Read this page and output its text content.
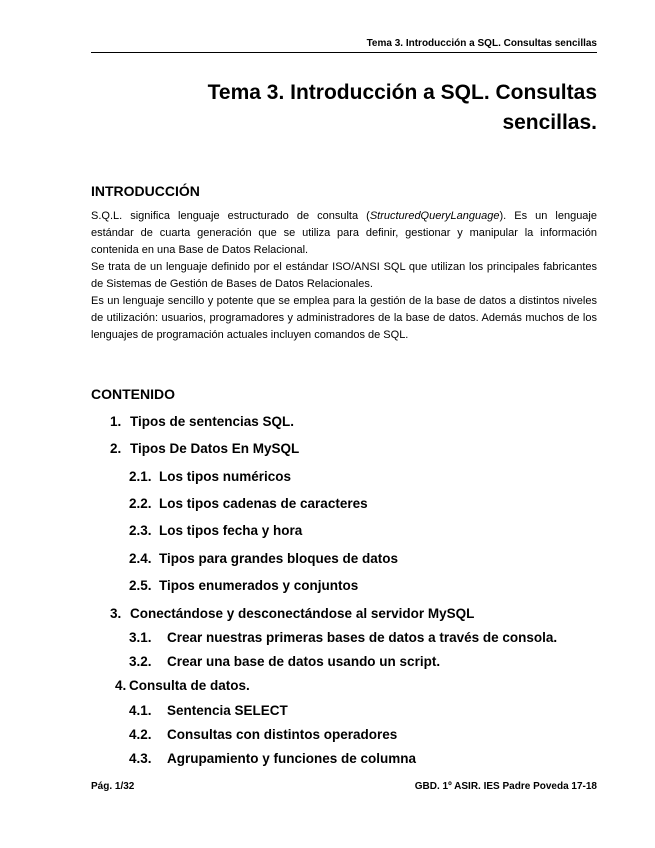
Tema 3. Introducción a SQL. Consultas sencillas
Tema 3. Introducción a SQL. Consultas
sencillas.
INTRODUCCIÓN

S.Q.L. significa lenguaje estructurado de consulta (StructuredQueryLanguage). Es un lenguaje estándar de cuarta generación que se utiliza para definir, gestionar y manipular la información contenida en una Base de Datos Relacional.

Se trata de un lenguaje definido por el estándar ISO/ANSI SQL que utilizan los principales fabricantes de Sistemas de Gestión de Bases de Datos Relacionales.

Es un lenguaje sencillo y potente que se emplea para la gestión de la base de datos a distintos niveles de utilización: usuarios, programadores y administradores de la base de datos. Además muchos de los lenguajes de programación actuales incluyen comandos de SQL.

CONTENIDO
1. Tipos de sentencias SQL.
2. Tipos De Datos En MySQL
2.1. Los tipos numéricos
2.2. Los tipos cadenas de caracteres
2.3. Los tipos fecha y hora
2.4. Tipos para grandes bloques de datos
2.5. Tipos enumerados y conjuntos
3. Conectándose y desconectándose al servidor MySQL
3.1. Crear nuestras primeras bases de datos a través de consola.
3.2. Crear una base de datos usando un script.
4. Consulta de datos.
4.1. Sentencia SELECT
4.2. Consultas con distintos operadores
4.3. Agrupamiento y funciones de columna
Pág. 1/32	GBD. 1º ASIR. IES Padre Poveda 17-18
